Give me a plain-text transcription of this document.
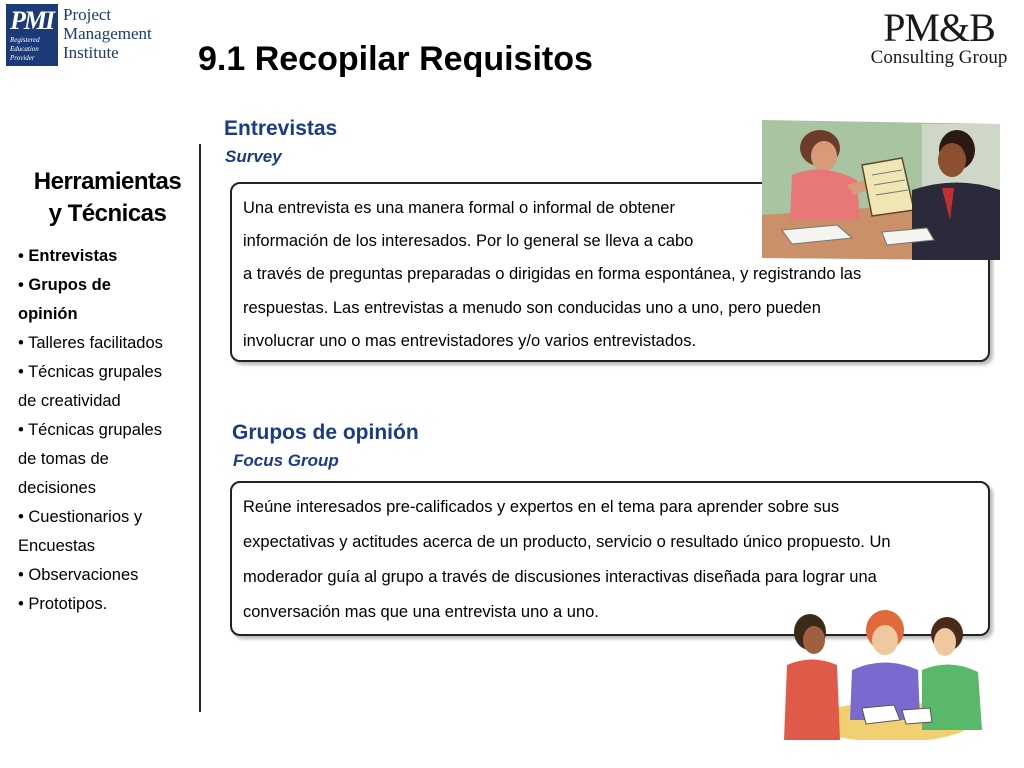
PMI
Registered
Education
Provider
Project
Management
Institute
PM&B
Consulting Group
9.1 Recopilar Requisitos
Herramientas
y Técnicas
• Entrevistas
• Grupos de
opinión
• Talleres facilitados
• Técnicas grupales
de creatividad
• Técnicas grupales
de tomas de
decisiones
• Cuestionarios y
Encuestas
• Observaciones
• Prototipos.
Entrevistas
Survey
Una entrevista es una manera formal o informal de obtener
información de los interesados. Por lo general se lleva a cabo
a través de preguntas preparadas o dirigidas en forma espontánea, y registrando las
respuestas. Las entrevistas a menudo son conducidas uno a uno, pero pueden
involucrar uno o mas entrevistadores y/o varios entrevistados.
Grupos de opinión
Focus Group
Reúne interesados pre-calificados y expertos en el tema para aprender sobre sus
expectativas y actitudes acerca de un producto, servicio o resultado único propuesto. Un
moderador guía al grupo a través de discusiones interactivas diseñada para lograr una
conversación mas que una entrevista uno a uno.
